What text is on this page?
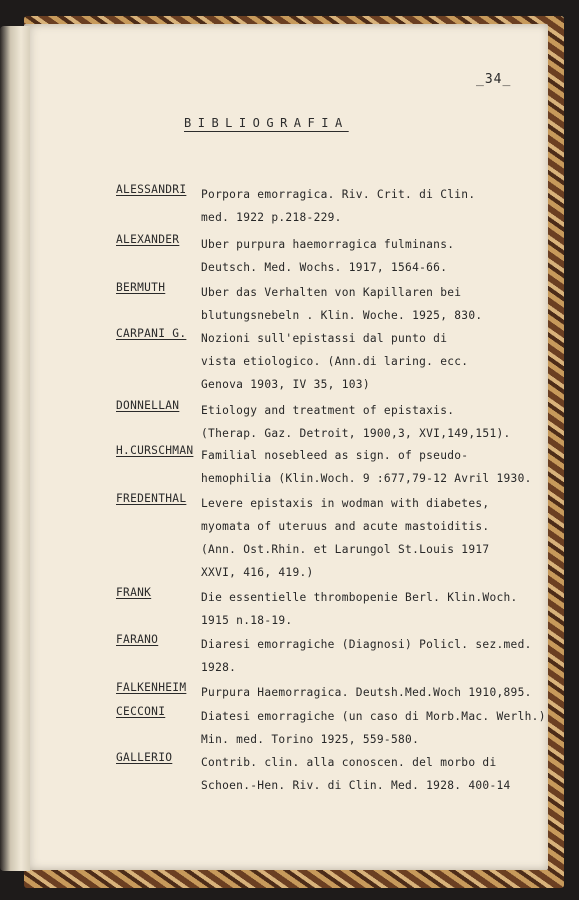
_34_
BIBLIOGRAFIA
ALESSANDRI	Porpora emorragica. Riv. Crit. di Clin.
med. 1922 p.218-229.
ALEXANDER	Uber purpura haemorragica fulminans.
Deutsch. Med. Wochs. 1917, 1564-66.
BERMUTH	Uber das Verhalten von Kapillaren bei
blutungsnebeln . Klin. Woche. 1925, 830.
CARPANI G.	Nozioni sull'epistassi dal punto di
vista etiologico. (Ann.di laring. ecc.
Genova 1903, IV 35, 103)
DONNELLAN	Etiology and treatment of epistaxis.
(Therap. Gaz. Detroit, 1900,3, XVI,149,151).
H.CURSCHMAN Familial nosebleed as sign. of pseudo-
hemophilia (Klin.Woch. 9 :677,79-12 Avril 1930.
FREDENTHAL	Levere epistaxis in wodman with diabetes,
myomata of uteruus and acute mastoiditis.
(Ann. Ost.Rhin. et Larungol St.Louis 1917
XXVI, 416, 419.)
FRANK	Die essentielle thrombopenie Berl. Klin.Woch.
1915 n.18-19.
FARANO	Diaresi emorragiche (Diagnosi) Policl. sez.med.
1928.
FALKENHEIM	Purpura Haemorragica. Deutsh.Med.Woch 1910,895.
CECCONI	Diatesi emorragiche (un caso di Morb.Mac. Werlh.)
Min. med. Torino 1925, 559-580.
GALLERIO	Contrib. clin. alla conoscen. del morbo di
Schoen.-Hen. Riv. di Clin. Med. 1928. 400-14
